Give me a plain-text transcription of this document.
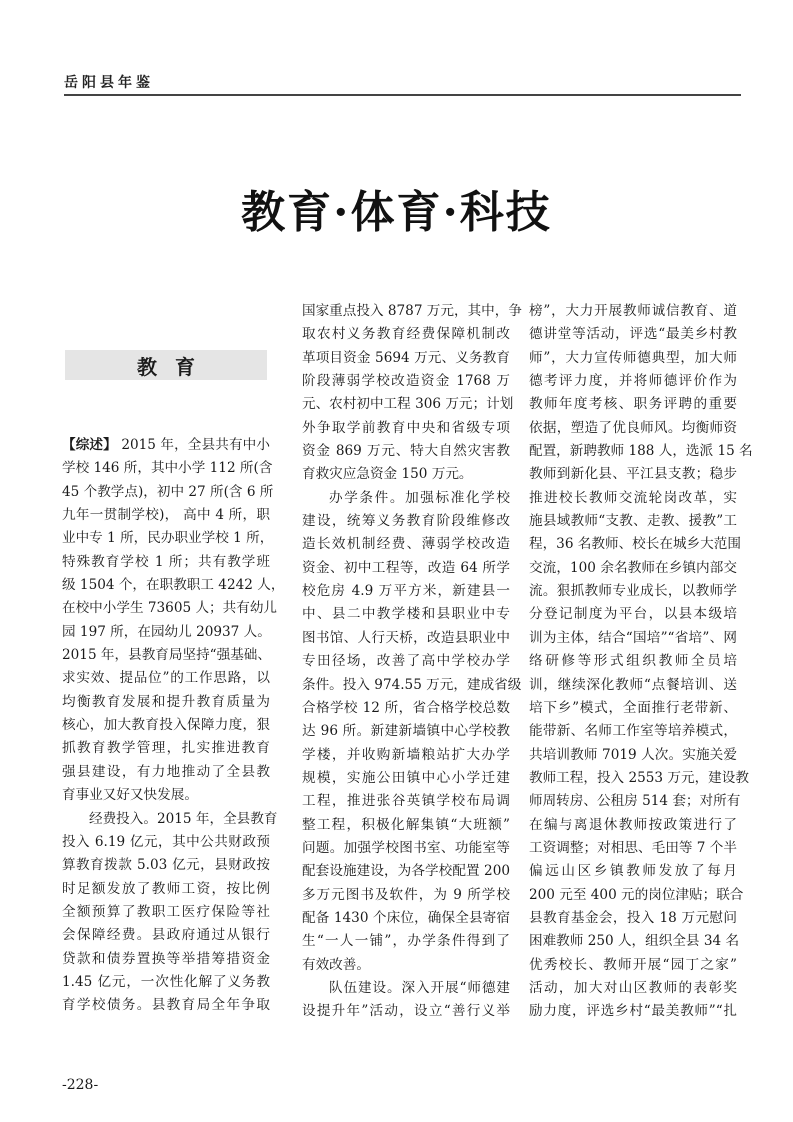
岳阳县年鉴
教育·体育·科技
教育
【综述】 2015 年，全县共有中小
学校 146 所，其中小学 112 所(含
45 个教学点)，初中 27 所(含 6 所
九年一贯制学校)， 高中 4 所，职
业中专 1 所，民办职业学校 1 所，
特殊教育学校 1 所；共有教学班
级 1504 个，在职教职工 4242 人，
在校中小学生 73605 人；共有幼儿
园 197 所，在园幼儿 20937 人。
2015 年，县教育局坚持“强基础、
求实效、提品位”的工作思路，以
均衡教育发展和提升教育质量为
核心，加大教育投入保障力度，狠
抓教育教学管理，扎实推进教育
强县建设，有力地推动了全县教
育事业又好又快发展。
经费投入。2015 年，全县教育
投入 6.19 亿元，其中公共财政预
算教育拨款 5.03 亿元，县财政按
时足额发放了教师工资，按比例
全额预算了教职工医疗保险等社
会保障经费。县政府通过从银行
贷款和债券置换等举措筹措资金
1.45 亿元，一次性化解了义务教
育学校债务。县教育局全年争取
国家重点投入 8787 万元，其中，争
取农村义务教育经费保障机制改
革项目资金 5694 万元、义务教育
阶段薄弱学校改造资金 1768 万
元、农村初中工程 306 万元；计划
外争取学前教育中央和省级专项
资金 869 万元、特大自然灾害教
育救灾应急资金 150 万元。
办学条件。加强标准化学校
建设，统筹义务教育阶段维修改
造长效机制经费、薄弱学校改造
资金、初中工程等，改造 64 所学
校危房 4.9 万平方米，新建县一
中、县二中教学楼和县职业中专
图书馆、人行天桥，改造县职业中
专田径场，改善了高中学校办学
条件。投入 974.55 万元，建成省级
合格学校 12 所，省合格学校总数
达 96 所。新建新墙镇中心学校教
学楼，并收购新墙粮站扩大办学
规模，实施公田镇中心小学迁建
工程，推进张谷英镇学校布局调
整工程，积极化解集镇“大班额”
问题。加强学校图书室、功能室等
配套设施建设，为各学校配置 200
多万元图书及软件，为 9 所学校
配备 1430 个床位，确保全县寄宿
生“一人一铺”，办学条件得到了
有效改善。
队伍建设。深入开展“师德建
设提升年”活动，设立“善行义举
榜”，大力开展教师诚信教育、道
德讲堂等活动，评选“最美乡村教
师”，大力宣传师德典型，加大师
德考评力度，并将师德评价作为
教师年度考核、职务评聘的重要
依据，塑造了优良师风。均衡师资
配置，新聘教师 188 人，选派 15 名
教师到新化县、平江县支教；稳步
推进校长教师交流轮岗改革，实
施县域教师“支教、走教、援教”工
程，36 名教师、校长在城乡大范围
交流，100 余名教师在乡镇内部交
流。狠抓教师专业成长，以教师学
分登记制度为平台，以县本级培
训为主体，结合“国培”“省培”、网
络研修等形式组织教师全员培
训，继续深化教师“点餐培训、送
培下乡”模式，全面推行老带新、
能带新、名师工作室等培养模式，
共培训教师 7019 人次。实施关爱
教师工程，投入 2553 万元，建设教
师周转房、公租房 514 套；对所有
在编与离退休教师按政策进行了
工资调整；对相思、毛田等 7 个半
偏远山区乡镇教师发放了每月
200 元至 400 元的岗位津贴；联合
县教育基金会，投入 18 万元慰问
困难教师 250 人，组织全县 34 名
优秀校长、教师开展“园丁之家”
活动，加大对山区教师的表彰奖
励力度，评选乡村“最美教师”“扎
-228-
